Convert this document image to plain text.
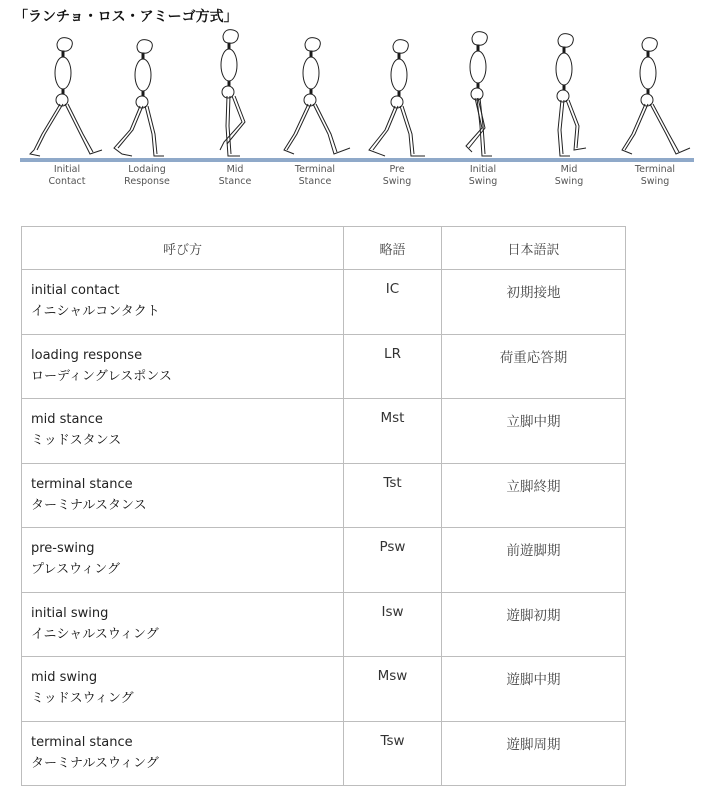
「ランチョ・ロス・アミーゴ方式」
Initial
Contact
Lodaing
Response
Mid
Stance
Terminal
Stance
Pre
Swing
Initial
Swing
Mid
Swing
Terminal
Swing
呼び方	略語	日本語訳

initial contact
イニシャルコンタクト	IC	初期接地

loading response
ローディングレスポンス	LR	荷重応答期

mid stance
ミッドスタンス	Mst	立脚中期

terminal stance
ターミナルスタンス	Tst	立脚終期

pre-swing
プレスウィング	Psw	前遊脚期

initial swing
イニシャルスウィング	Isw	遊脚初期

mid swing
ミッドスウィング	Msw	遊脚中期

terminal stance
ターミナルスウィング	Tsw	遊脚周期
